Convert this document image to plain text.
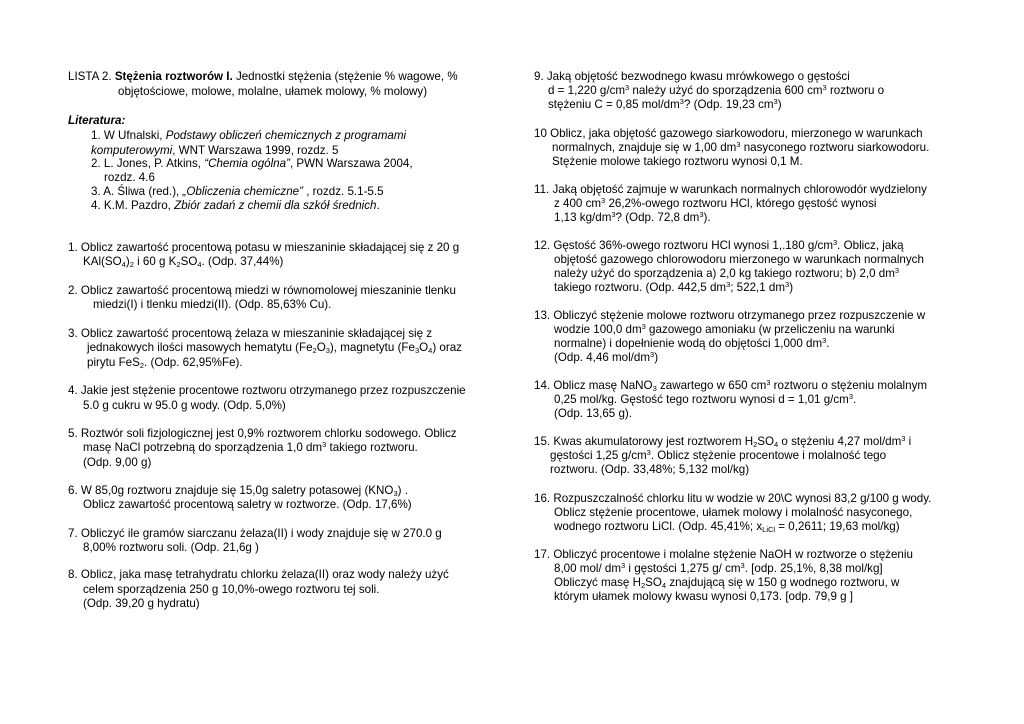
LISTA 2. Stężenia roztworów I. Jednostki stężenia (stężenie % wagowe, %
objętościowe, molowe, molalne, ułamek molowy, % molowy)
Literatura:
1. W Ufnalski, Podstawy obliczeń chemicznych z programami
komputerowymi, WNT Warszawa 1999, rozdz. 5
2. L. Jones, P. Atkins, “Chemia ogólna”, PWN Warszawa 2004,
rozdz. 4.6
3. A. Śliwa (red.), „Obliczenia chemiczne” , rozdz. 5.1-5.5
4. K.M. Pazdro, Zbiór zadań z chemii dla szkół średnich.
1. Oblicz zawartość procentową potasu w mieszaninie składającej się z 20 g
$KAl(SO_4)_2$ i 60 g $K_2SO_4$. (Odp. 37,44%)
2. Oblicz zawartość procentową miedzi w równomolowej mieszaninie tlenku
miedzi(I) i tlenku miedzi(II). (Odp. 85,63% Cu).
3. Oblicz zawartość procentową żelaza w mieszaninie składającej się z
jednakowych ilości masowych hematytu $(Fe_2O_3)$, magnetytu $(Fe_3O_4)$ oraz
pirytu FeS$_2$. (Odp. 62,95%Fe).
4. Jakie jest stężenie procentowe roztworu otrzymanego przez rozpuszczenie
5.0 g cukru w 95.0 g wody. (Odp. 5,0%)
5. Roztwór soli fizjologicznej jest 0,9% roztworem chlorku sodowego. Oblicz
masę NaCl potrzebną do sporządzenia 1,0 $dm^3$ takiego roztworu.
(Odp. 9,00 g)
6. W 85,0g roztworu znajduje się 15,0g saletry potasowej $(KNO_3)$ .
Oblicz zawartość procentową saletry w roztworze. (Odp. 17,6%)
7. Obliczyć ile gramów siarczanu żelaza(II) i wody znajduje się w 270.0 g
8,00% roztworu soli. (Odp. 21,6g )
8. Oblicz, jaka masę tetrahydratu chlorku żelaza(II) oraz wody należy użyć
celem sporządzenia 250 g 10,0%-owego roztworu tej soli.
(Odp. 39,20 g hydratu)
9. Jaką objętość bezwodnego kwasu mrówkowego o gęstości
d = 1,220 $g/cm^3$ należy użyć do sporządzenia 600 $cm^3$ roztworu o
stężeniu C = 0,85 mol/$dm^3$? (Odp. 19,23 $cm^3$)
10 Oblicz, jaka objętość gazowego siarkowodoru, mierzonego w warunkach
normalnych, znajduje się w 1,00 $dm^3$ nasyconego roztworu siarkowodoru.
Stężenie molowe takiego roztworu wynosi 0,1 M.
11. Jaką objętość zajmuje w warunkach normalnych chlorowodór wydzielony
z 400 $cm^3$ 26,2%-owego roztworu HCl, którego gęstość wynosi
1,13 $kg/dm^3$? (Odp. 72,8 $dm^3$).
12. Gęstość 36%-owego roztworu HCl wynosi 1,.180 $g/cm^3$. Oblicz, jaką
objętość gazowego chlorowodoru mierzonego w warunkach normalnych
należy użyć do sporządzenia a) 2,0 kg takiego roztworu; b) 2,0 $dm^3$
takiego roztworu. (Odp. 442,5 $dm^3$; 522,1 $dm^3$)
13. Obliczyć stężenie molowe roztworu otrzymanego przez rozpuszczenie w
wodzie 100,0 $dm^3$ gazowego amoniaku (w przeliczeniu na warunki
normalne) i dopełnienie wodą do objętości 1,000 $dm^3$.
(Odp. 4,46 mol/$dm^3$)
14. Oblicz masę NaNO$_3$ zawartego w 650 $cm^3$ roztworu o stężeniu molalnym
0,25 mol/kg. Gęstość tego roztworu wynosi d = 1,01 $g/cm^3$.
(Odp. 13,65 g).
15. Kwas akumulatorowy jest roztworem $H_2SO_4$ o stężeniu 4,27 mol/$dm^3$ i
gęstości 1,25 $g/cm^3$. Oblicz stężenie procentowe i molalność tego
roztworu. (Odp. 33,48%; 5,132 mol/kg)
16. Rozpuszczalność chlorku litu w wodzie w 20\C wynosi 83,2 g/100 g wody.
Oblicz stężenie procentowe, ułamek molowy i molalność nasyconego,
wodnego roztworu LiCl. (Odp. 45,41%; $x_{LiCl} = 0,2611$; 19,63 mol/kg)
17. Obliczyć procentowe i molalne stężenie NaOH w roztworze o stężeniu
8,00 mol/ $dm^3$ i gęstości 1,275 g/ $cm^3$. [odp. 25,1%, 8,38 mol/kg]
Obliczyć masę $H_2SO_4$ znajdującą się w 150 g wodnego roztworu, w
którym ułamek molowy kwasu wynosi 0,173. [odp. 79,9 g ]
